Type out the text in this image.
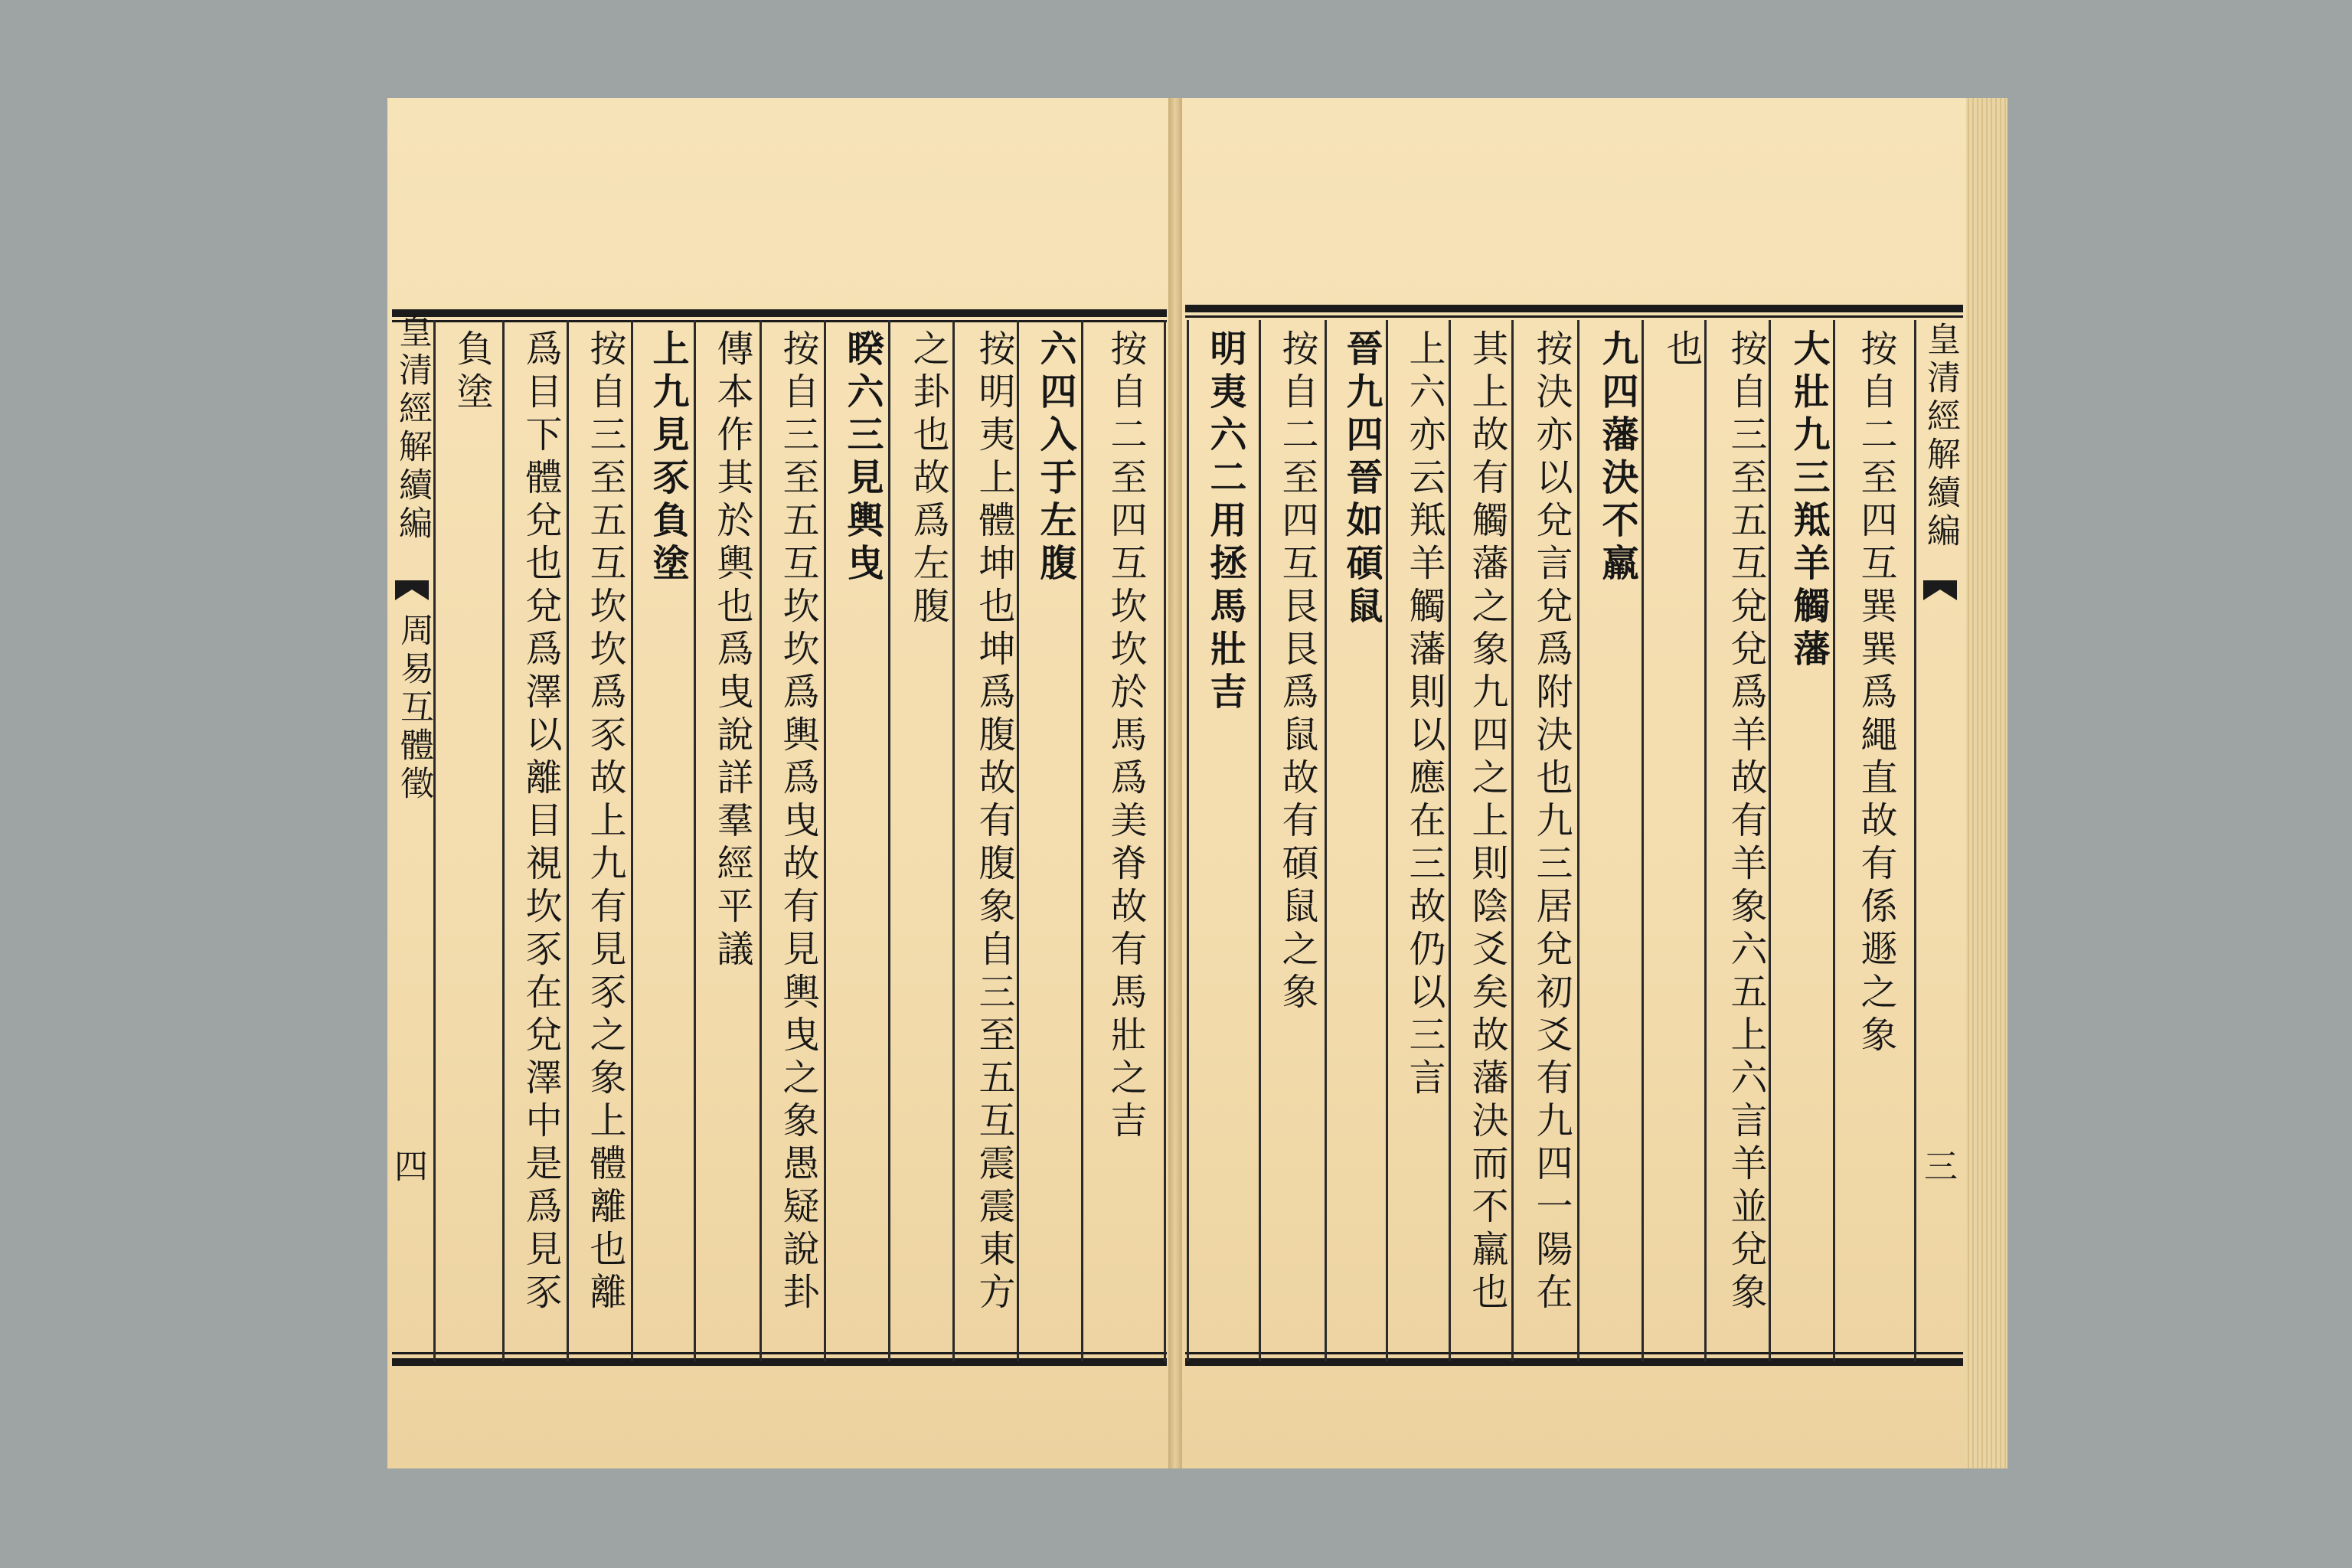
皇清經解續編
周易互體徵
四
按自二至四互坎坎於馬爲美脊故有馬壯之吉
六四入于左腹
按明夷上體坤也坤爲腹故有腹象自三至五互震震東方
之卦也故爲左腹
睽六三見輿曳
按自三至五互坎坎爲輿爲曳故有見輿曳之象愚疑說卦
傳本作其於輿也爲曳說詳羣經平議
上九見豕負塗
按自三至五互坎坎爲豕故上九有見豕之象上體離也離
爲目下體兌也兌爲澤以離目視坎豕在兌澤中是爲見豕
負塗	按自二至四互巽巽爲繩直故有係遯之象
大壯九三羝羊觸藩
按自三至五互兌兌爲羊故有羊象六五上六言羊並兌象
也
九四藩決不羸
按決亦以兌言兌爲附決也九三居兌初爻有九四一陽在
其上故有觸藩之象九四之上則陰爻矣故藩決而不羸也
上六亦云羝羊觸藩則以應在三故仍以三言
晉九四晉如碩鼠
按自二至四互艮艮爲鼠故有碩鼠之象
明夷六二用拯馬壯吉	皇清經解續編
三
